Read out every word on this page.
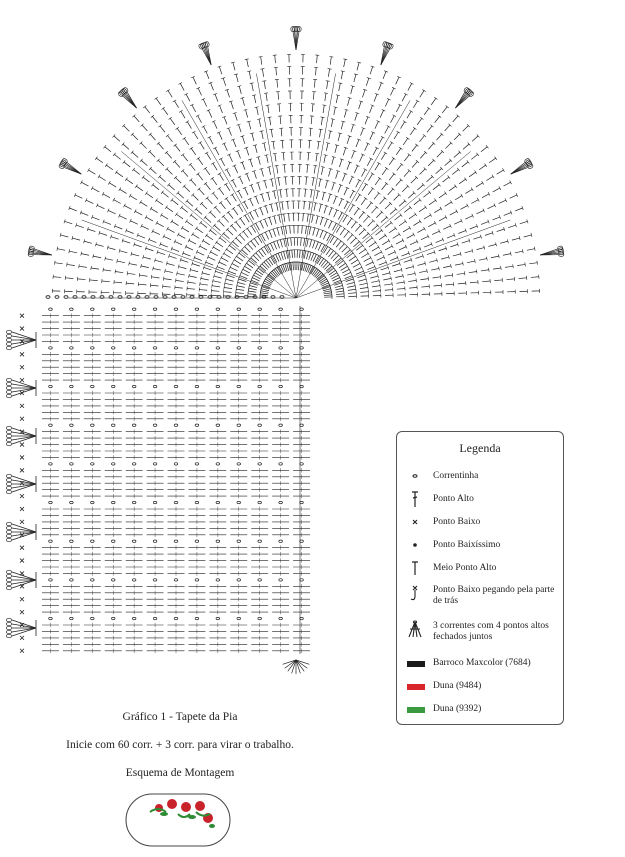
Legenda
Correntinha
Ponto Alto
Ponto Baixo
Ponto Baixíssimo
Meio Ponto Alto
Ponto Baixo pegando pela parte de trás
3 correntes com 4 pontos altos fechados juntos
Barroco Maxcolor (7684)
Duna (9484)
Duna (9392)
Gráfico 1 - Tapete da Pia
Inicie com 60 corr. + 3 corr. para virar o trabalho.
Esquema de Montagem
